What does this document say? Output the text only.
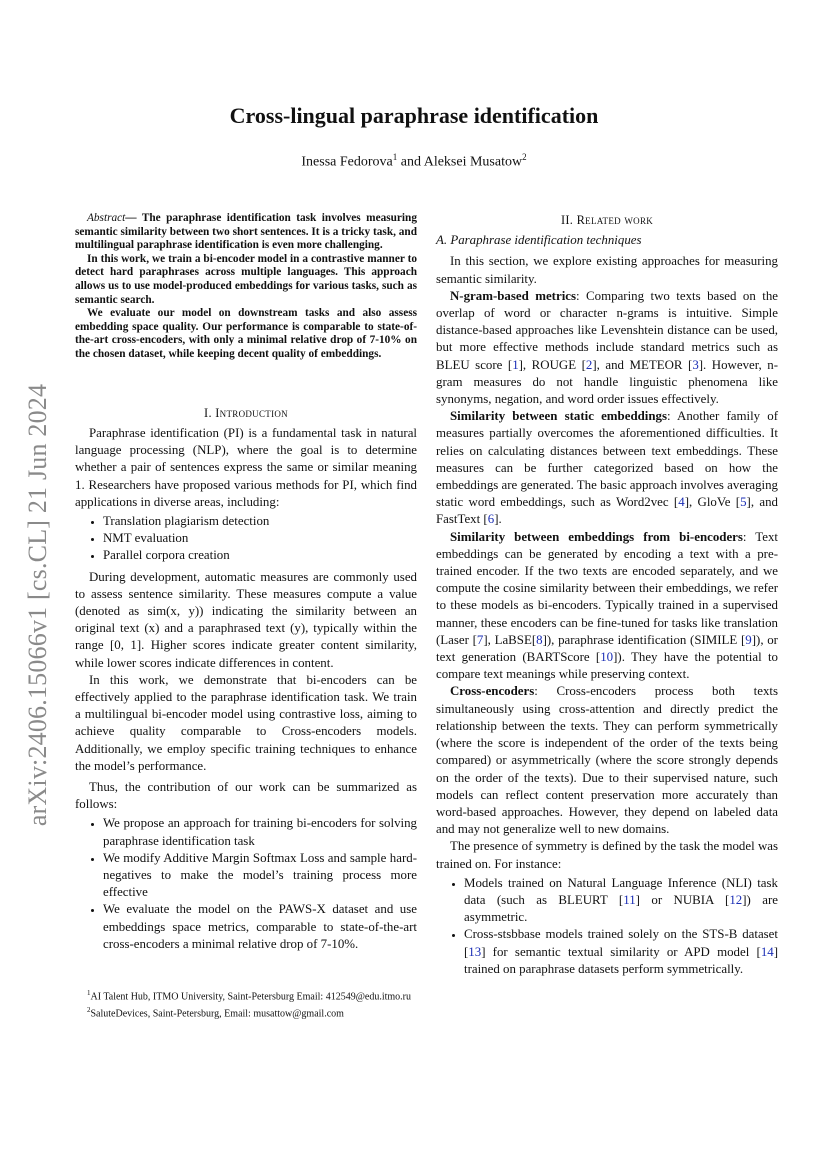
arXiv:2406.15066v1 [cs.CL] 21 Jun 2024
Cross-lingual paraphrase identification
Inessa Fedorova$^1$ and Aleksei Musatow$^2$

Abstract— The paraphrase identification task involves measuring semantic similarity between two short sentences. It is a tricky task, and multilingual paraphrase identification is even more challenging.

In this work, we train a bi-encoder model in a contrastive manner to detect hard paraphrases across multiple languages. This approach allows us to use model-produced embeddings for various tasks, such as semantic search.

We evaluate our model on downstream tasks and also assess embedding space quality. Our performance is comparable to state-of-the-art cross-encoders, with only a minimal relative drop of 7-10% on the chosen dataset, while keeping decent quality of embeddings.

I. Introduction

Paraphrase identification (PI) is a fundamental task in natural language processing (NLP), where the goal is to determine whether a pair of sentences express the same or similar meaning 1. Researchers have proposed various methods for PI, which find applications in diverse areas, including:

• Translation plagiarism detection
• NMT evaluation
• Parallel corpora creation

During development, automatic measures are commonly used to assess sentence similarity. These measures compute a value (denoted as sim(x, y)) indicating the similarity between an original text (x) and a paraphrased text (y), typically within the range [0, 1]. Higher scores indicate greater content similarity, while lower scores indicate differences in content.

In this work, we demonstrate that bi-encoders can be effectively applied to the paraphrase identification task. We train a multilingual bi-encoder model using contrastive loss, aiming to achieve quality comparable to Cross-encoders models. Additionally, we employ specific training techniques to enhance the model’s performance.

Thus, the contribution of our work can be summarized as follows:

• We propose an approach for training bi-encoders for solving paraphrase identification task
• We modify Additive Margin Softmax Loss and sample hard-negatives to make the model’s training process more effective
• We evaluate the model on the PAWS-X dataset and use embeddings space metrics, comparable to state-of-the-art cross-encoders a minimal relative drop of 7-10%.

$^1$AI Talent Hub, ITMO University, Saint-Petersburg Email: 412549@edu.itmo.ru

$^2$SaluteDevices, Saint-Petersburg, Email: musattow@gmail.com

II. Related work

A. Paraphrase identification techniques

In this section, we explore existing approaches for measuring semantic similarity.

N-gram-based metrics: Comparing two texts based on the overlap of word or character n-grams is intuitive. Simple distance-based approaches like Levenshtein distance can be used, but more effective methods include standard metrics such as BLEU score [1], ROUGE [2], and METEOR [3]. However, n-gram measures do not handle linguistic phenomena like synonyms, negation, and word order issues effectively.

Similarity between static embeddings: Another family of measures partially overcomes the aforementioned difficulties. It relies on calculating distances between text embeddings. These measures can be further categorized based on how the embeddings are generated. The basic approach involves averaging static word embeddings, such as Word2vec [4], GloVe [5], and FastText [6].

Similarity between embeddings from bi-encoders: Text embeddings can be generated by encoding a text with a pre-trained encoder. If the two texts are encoded separately, and we compute the cosine similarity between their embeddings, we refer to these models as bi-encoders. Typically trained in a supervised manner, these encoders can be fine-tuned for tasks like translation (Laser [7], LaBSE[8]), paraphrase identification (SIMILE [9]), or text generation (BARTScore [10]). They have the potential to compare text meanings while preserving context.

Cross-encoders: Cross-encoders process both texts simultaneously using cross-attention and directly predict the relationship between the texts. They can perform symmetrically (where the score is independent of the order of the texts being compared) or asymmetrically (where the score strongly depends on the order of the texts). Due to their supervised nature, such models can reflect content preservation more accurately than word-based approaches. However, they depend on labeled data and may not generalize well to new domains.

The presence of symmetry is defined by the task the model was trained on. For instance:

• Models trained on Natural Language Inference (NLI) task data (such as BLEURT [11] or NUBIA [12]) are asymmetric.
• Cross-stsbbase models trained solely on the STS-B dataset [13] for semantic textual similarity or APD model [14] trained on paraphrase datasets perform symmetrically.
